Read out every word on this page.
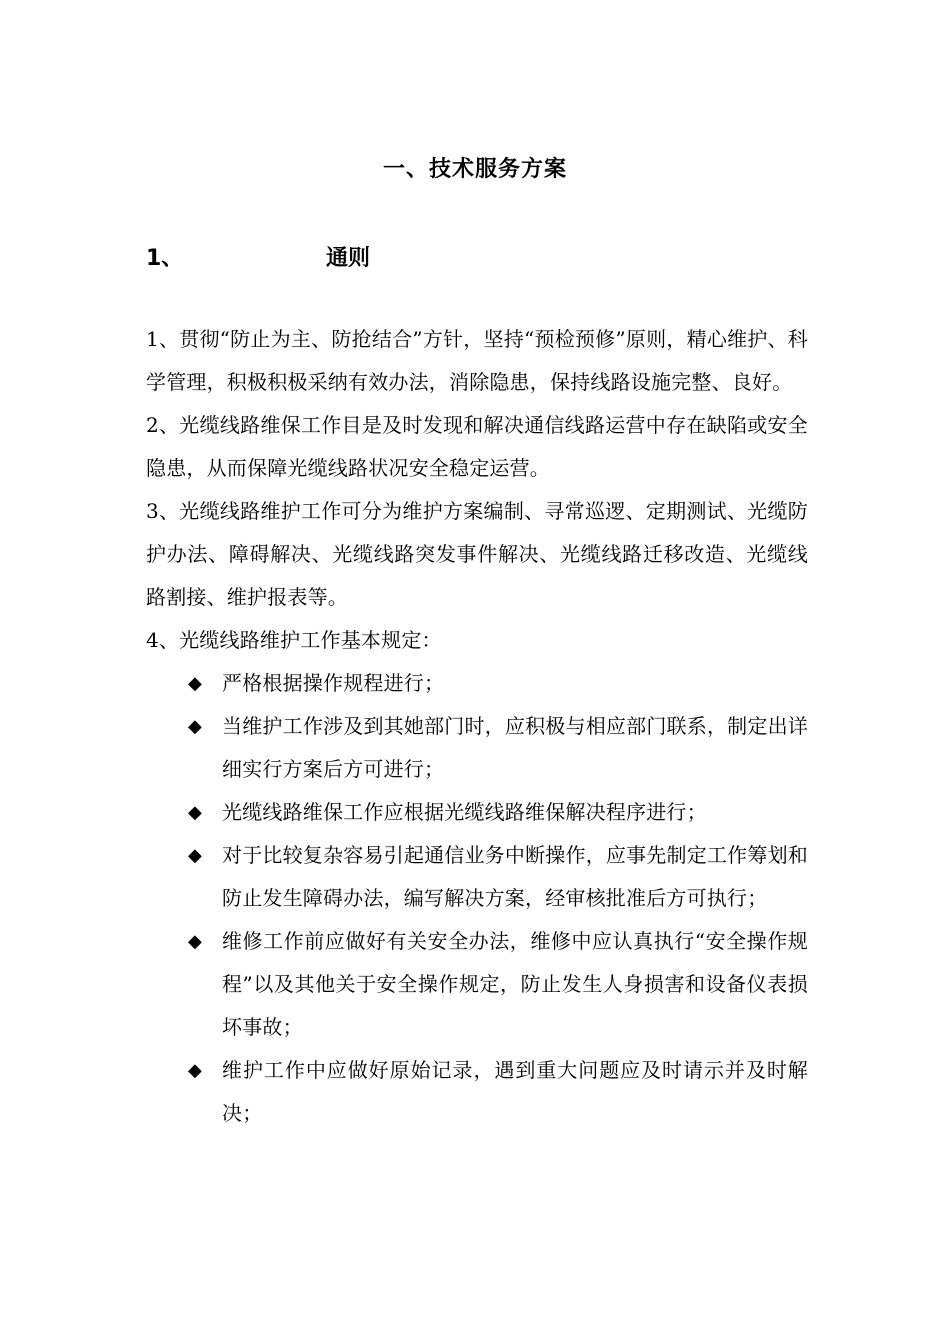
一、技术服务方案
1、	通则

1、贯彻“防止为主、防抢结合”方针，坚持“预检预修”原则，精心维护、科学管理，积极积极采纳有效办法，消除隐患，保持线路设施完整、良好。

2、光缆线路维保工作目是及时发现和解决通信线路运营中存在缺陷或安全隐患，从而保障光缆线路状况安全稳定运营。

3、光缆线路维护工作可分为维护方案编制、寻常巡逻、定期测试、光缆防护办法、障碍解决、光缆线路突发事件解决、光缆线路迁移改造、光缆线路割接、维护报表等。

4、光缆线路维护工作基本规定：

◆ 严格根据操作规程进行；
◆ 当维护工作涉及到其她部门时，应积极与相应部门联系，制定出详细实行方案后方可进行；
◆ 光缆线路维保工作应根据光缆线路维保解决程序进行；
◆ 对于比较复杂容易引起通信业务中断操作，应事先制定工作筹划和防止发生障碍办法，编写解决方案，经审核批准后方可执行；
◆ 维修工作前应做好有关安全办法，维修中应认真执行“安全操作规程”以及其他关于安全操作规定，防止发生人身损害和设备仪表损坏事故；
◆ 维护工作中应做好原始记录，遇到重大问题应及时请示并及时解决；
